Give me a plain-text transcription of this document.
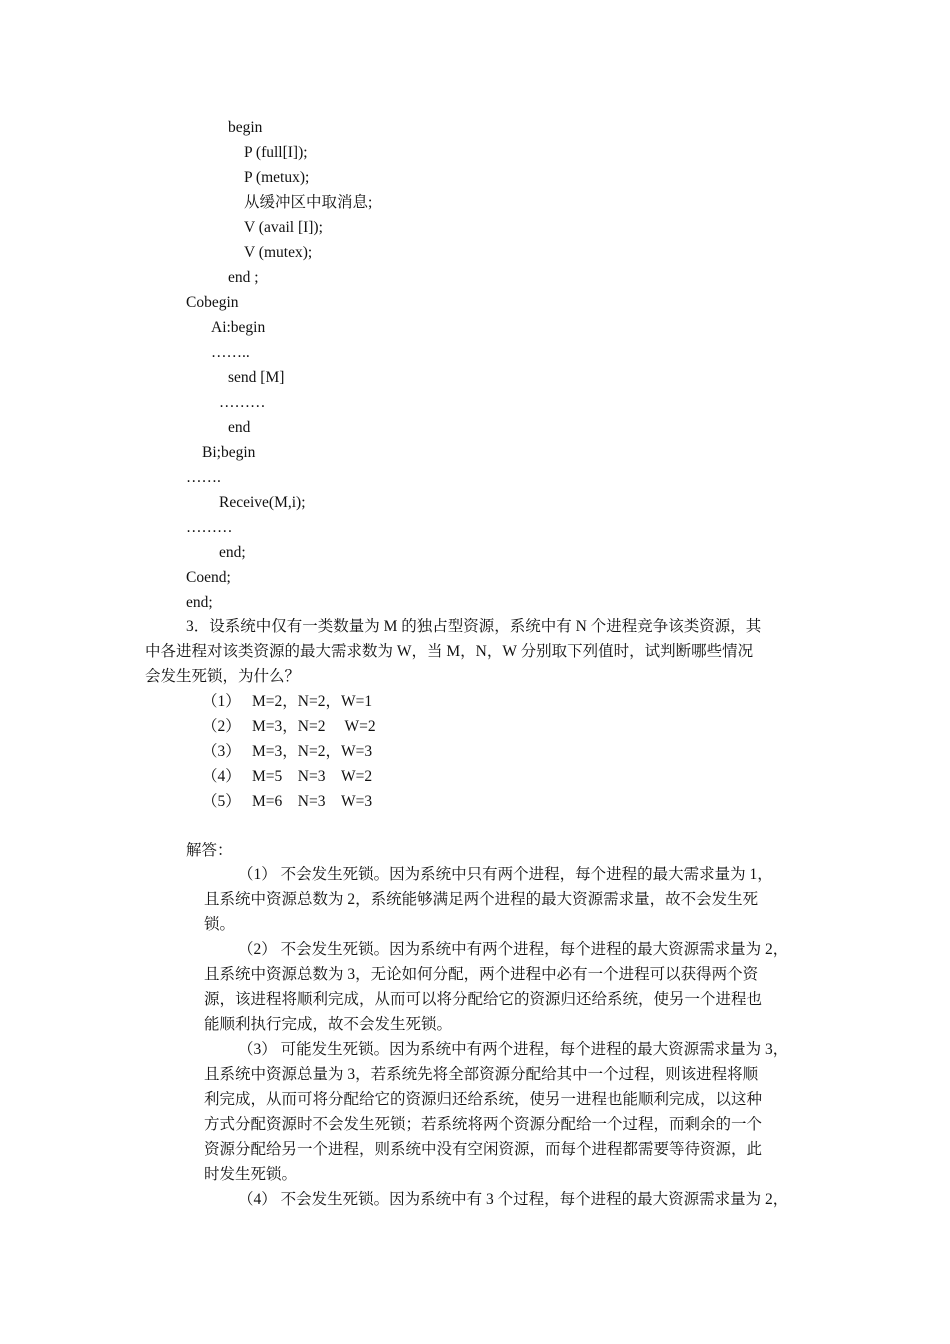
begin
P (full[I]);
P (metux);
从缓冲区中取消息;
V (avail [I]);
V (mutex);
end ;
Cobegin
Ai:begin
……..
send [M]
………
end
Bi;begin
…….
Receive(M,i);
………
end;
Coend;
end;
3．设系统中仅有一类数量为 M 的独占型资源，系统中有 N 个进程竞争该类资源，其
中各进程对该类资源的最大需求数为 W，当 M，N，W 分别取下列值时，试判断哪些情况
会发生死锁，为什么？
（1） M=2，N=2，W=1
（2） M=3，N=2　 W=2
（3） M=3，N=2，W=3
（4） M=5　N=3　W=2
（5） M=6　N=3　W=3
解答：
（1） 不会发生死锁。因为系统中只有两个进程，每个进程的最大需求量为 1，
且系统中资源总数为 2，系统能够满足两个进程的最大资源需求量，故不会发生死
锁。
（2） 不会发生死锁。因为系统中有两个进程，每个进程的最大资源需求量为 2，
且系统中资源总数为 3，无论如何分配，两个进程中必有一个进程可以获得两个资
源，该进程将顺利完成，从而可以将分配给它的资源归还给系统，使另一个进程也
能顺利执行完成，故不会发生死锁。
（3） 可能发生死锁。因为系统中有两个进程，每个进程的最大资源需求量为 3，
且系统中资源总量为 3，若系统先将全部资源分配给其中一个过程，则该进程将顺
利完成，从而可将分配给它的资源归还给系统，使另一进程也能顺利完成，以这种
方式分配资源时不会发生死锁；若系统将两个资源分配给一个过程，而剩余的一个
资源分配给另一个进程，则系统中没有空闲资源，而每个进程都需要等待资源，此
时发生死锁。
（4） 不会发生死锁。因为系统中有 3 个过程，每个进程的最大资源需求量为 2，
